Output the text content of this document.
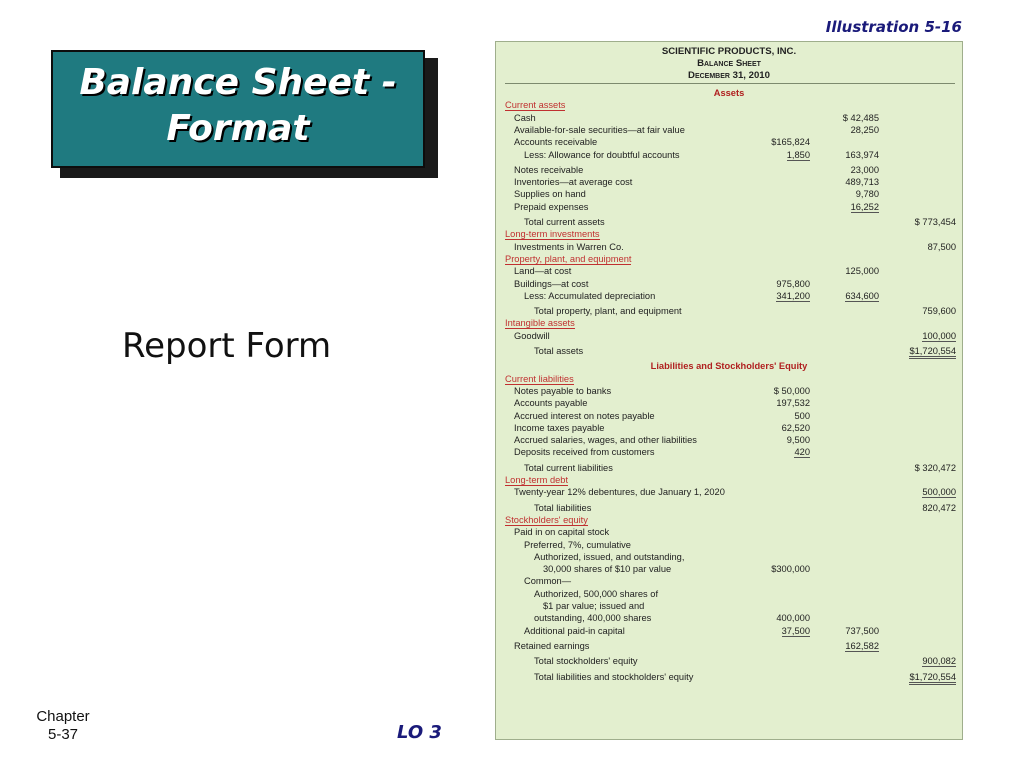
Illustration 5-16
Balance Sheet -
Format
Report Form
Chapter
5-37	LO 3
SCIENTIFIC PRODUCTS, INC.
Balance Sheet
December 31, 2010
Assets
Current assets
Cash	$ 42,485
Available-for-sale securities—at fair value	28,250
Accounts receivable	$165,824
Less: Allowance for doubtful accounts	1,850	163,974
Notes receivable	23,000
Inventories—at average cost	489,713
Supplies on hand	9,780
Prepaid expenses	16,252
Total current assets	$ 773,454
Long-term investments
Investments in Warren Co.	87,500
Property, plant, and equipment
Land—at cost	125,000
Buildings—at cost	975,800
Less: Accumulated depreciation	341,200	634,600
Total property, plant, and equipment	759,600
Intangible assets
Goodwill	100,000
Total assets	$1,720,554
Liabilities and Stockholders' Equity
Current liabilities
Notes payable to banks	$ 50,000
Accounts payable	197,532
Accrued interest on notes payable	500
Income taxes payable	62,520
Accrued salaries, wages, and other liabilities	9,500
Deposits received from customers	420
Total current liabilities	$ 320,472
Long-term debt
Twenty-year 12% debentures, due January 1, 2020	500,000
Total liabilities	820,472
Stockholders' equity
Paid in on capital stock
Preferred, 7%, cumulative
Authorized, issued, and outstanding,
30,000 shares of $10 par value	$300,000
Common—
Authorized, 500,000 shares of
$1 par value; issued and
outstanding, 400,000 shares	400,000
Additional paid-in capital	37,500	737,500
Retained earnings	162,582
Total stockholders' equity	900,082
Total liabilities and stockholders' equity	$1,720,554
